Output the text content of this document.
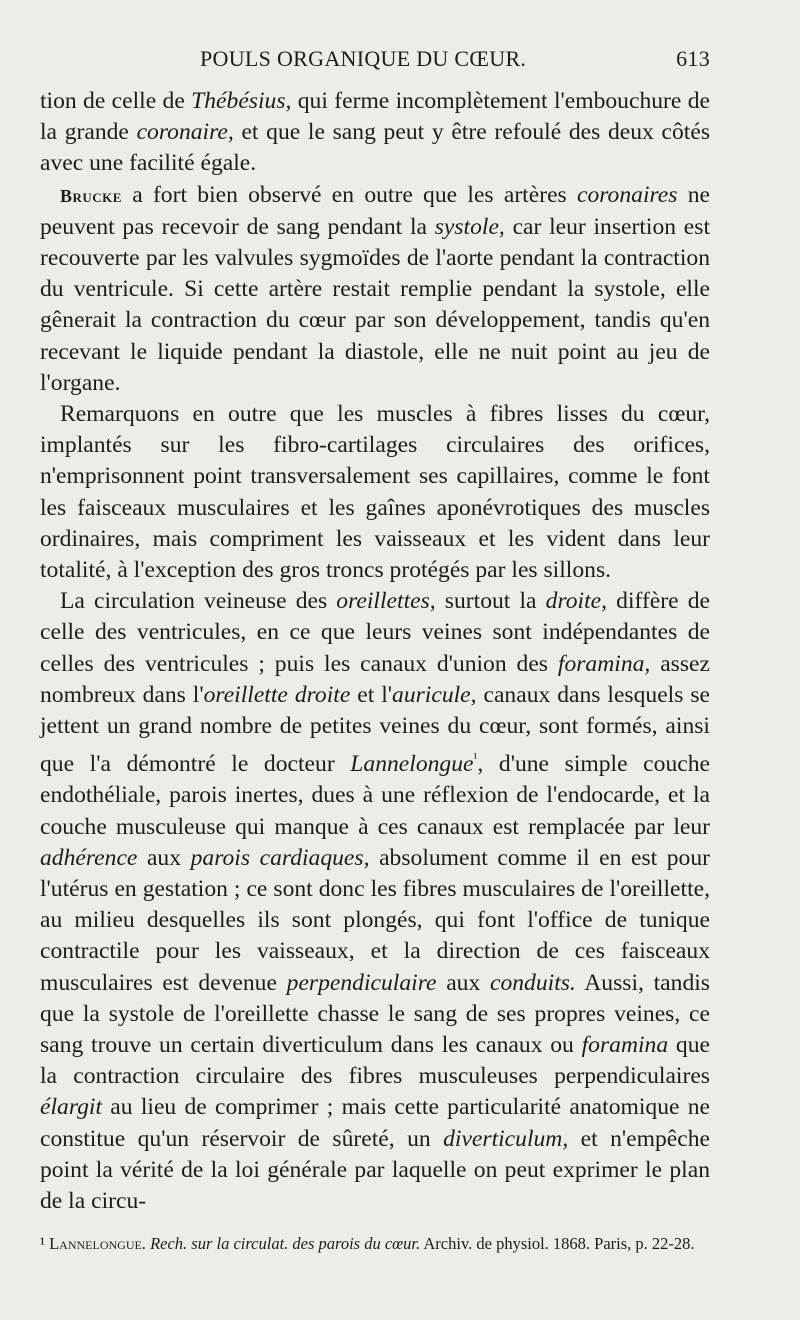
POULS ORGANIQUE DU CŒUR.	613

tion de celle de Thébésius, qui ferme incomplètement l'embouchure de la grande coronaire, et que le sang peut y être refoulé des deux côtés avec une facilité égale.

Brucke a fort bien observé en outre que les artères coronaires ne peuvent pas recevoir de sang pendant la systole, car leur insertion est recouverte par les valvules sygmoïdes de l'aorte pendant la contraction du ventricule. Si cette artère restait remplie pendant la systole, elle gênerait la contraction du cœur par son développement, tandis qu'en recevant le liquide pendant la diastole, elle ne nuit point au jeu de l'organe.

Remarquons en outre que les muscles à fibres lisses du cœur, implantés sur les fibro-cartilages circulaires des orifices, n'emprisonnent point transversalement ses capillaires, comme le font les faisceaux musculaires et les gaînes aponévrotiques des muscles ordinaires, mais compriment les vaisseaux et les vident dans leur totalité, à l'exception des gros troncs protégés par les sillons.

La circulation veineuse des oreillettes, surtout la droite, diffère de celle des ventricules, en ce que leurs veines sont indépendantes de celles des ventricules ; puis les canaux d'union des foramina, assez nombreux dans l'oreillette droite et l'auricule, canaux dans lesquels se jettent un grand nombre de petites veines du cœur, sont formés, ainsi que l'a démontré le docteur Lannelongue$^{^1}$, d'une simple couche endothéliale, parois inertes, dues à une réflexion de l'endocarde, et la couche musculeuse qui manque à ces canaux est remplacée par leur adhérence aux parois cardiaques, absolument comme il en est pour l'utérus en gestation ; ce sont donc les fibres musculaires de l'oreillette, au milieu desquelles ils sont plongés, qui font l'office de tunique contractile pour les vaisseaux, et la direction de ces faisceaux musculaires est devenue perpendiculaire aux conduits. Aussi, tandis que la systole de l'oreillette chasse le sang de ses propres veines, ce sang trouve un certain diverticulum dans les canaux ou foramina que la contraction circulaire des fibres musculeuses perpendiculaires élargit au lieu de comprimer ; mais cette particularité anatomique ne constitue qu'un réservoir de sûreté, un diverticulum, et n'empêche point la vérité de la loi générale par laquelle on peut exprimer le plan de la circu-

¹ Lannelongue. Rech. sur la circulat. des parois du cœur. Archiv. de physiol. 1868. Paris, p. 22-28.
